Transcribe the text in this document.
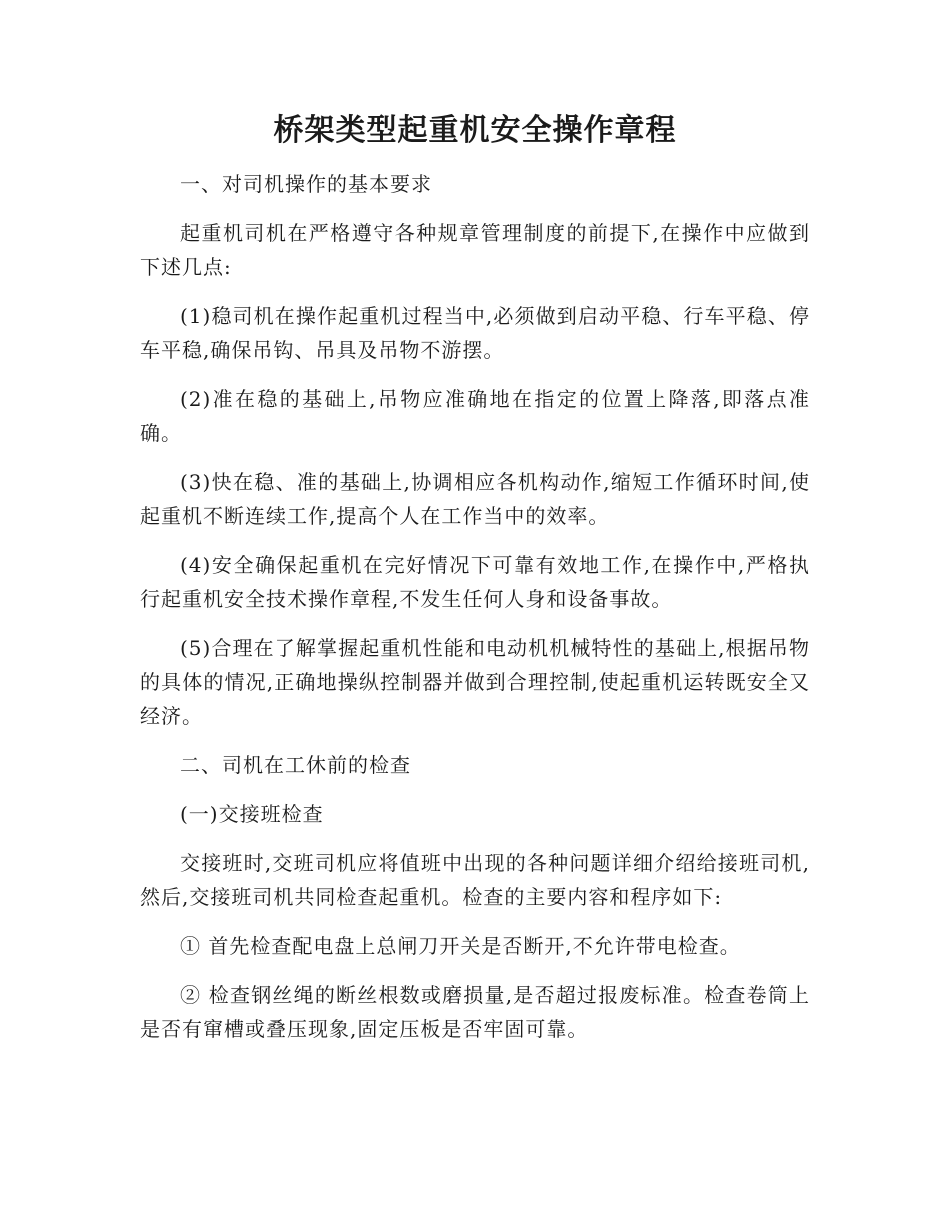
桥架类型起重机安全操作章程

一、对司机操作的基本要求

起重机司机在严格遵守各种规章管理制度的前提下,在操作中应做到下述几点:

(1)稳司机在操作起重机过程当中,必须做到启动平稳、行车平稳、停车平稳,确保吊钩、吊具及吊物不游摆。

(2)准在稳的基础上,吊物应准确地在指定的位置上降落,即落点准确。

(3)快在稳、准的基础上,协调相应各机构动作,缩短工作循环时间,使起重机不断连续工作,提高个人在工作当中的效率。

(4)安全确保起重机在完好情况下可靠有效地工作,在操作中,严格执行起重机安全技术操作章程,不发生任何人身和设备事故。

(5)合理在了解掌握起重机性能和电动机机械特性的基础上,根据吊物的具体的情况,正确地操纵控制器并做到合理控制,使起重机运转既安全又经济。

二、司机在工休前的检查

(一)交接班检查

交接班时,交班司机应将值班中出现的各种问题详细介绍给接班司机,然后,交接班司机共同检查起重机。检查的主要内容和程序如下:

① 首先检查配电盘上总闸刀开关是否断开,不允许带电检查。

② 检查钢丝绳的断丝根数或磨损量,是否超过报废标准。检查卷筒上是否有窜槽或叠压现象,固定压板是否牢固可靠。
